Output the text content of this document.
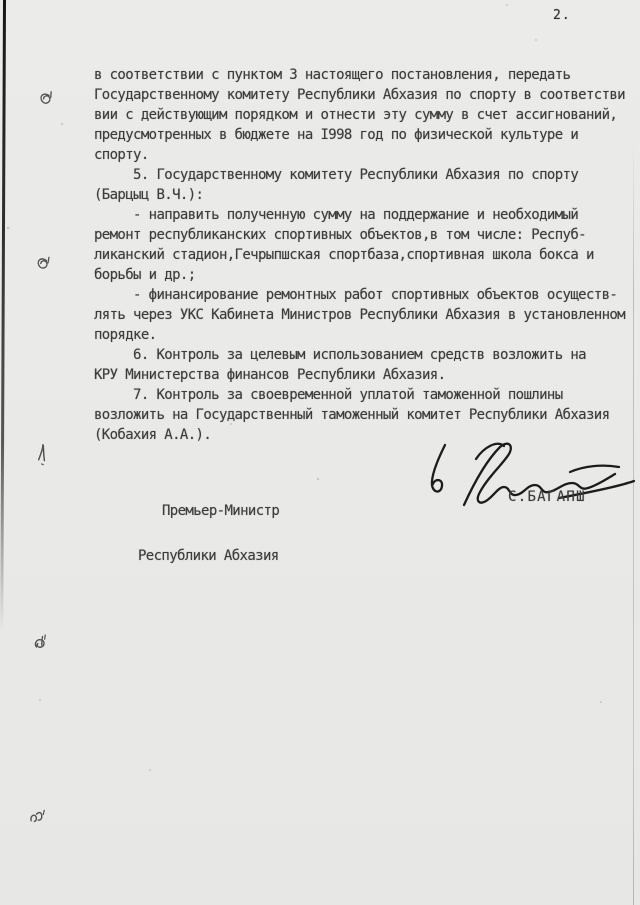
2.
в соответствии с пунктом 3 настоящего постановления, передать
Государственному комитету Республики Абхазия по спорту в соответстви
вии с действующим порядком и отнести эту сумму в счет ассигнований,
предусмотренных в бюджете на I998 год по физической культуре и
спорту.
5. Государственному комитету Республики Абхазия по спорту
(Барцыц В.Ч.):
- направить полученную сумму на поддержание и необходимый
ремонт республиканских спортивных объектов,в том числе: Респуб-
ликанский стадион,Гечрыпшская спортбаза,спортивная школа бокса и
борьбы и др.;
- финансирование ремонтных работ спортивных объектов осуществ-
лять через УКС Кабинета Министров Республики Абхазия в установленном
порядке.
6. Контроль за целевым использованием средств возложить на
КРУ Министерства финансов Республики Абхазия.
7. Контроль за своевременной уплатой таможенной пошлины
возложить на Государственный таможенный комитет Республики Абхазия
(Кобахия А.А.).

Премьер-Министр

Республики Абхазия

С.БАГАПШ
